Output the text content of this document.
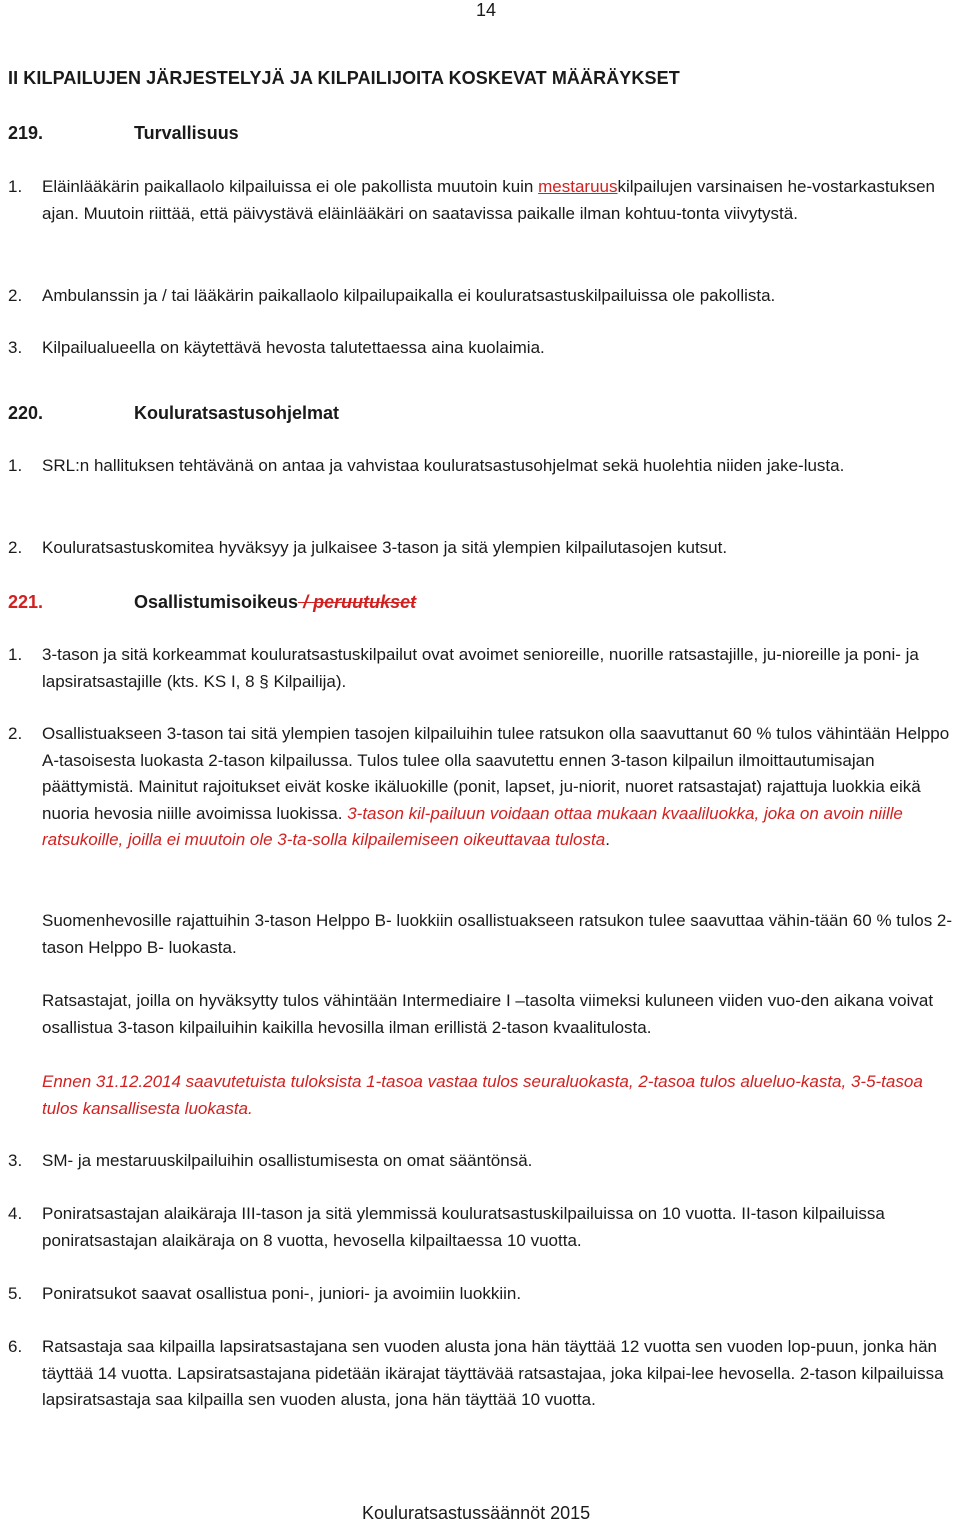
14
II KILPAILUJEN JÄRJESTELYJÄ JA KILPAILIJOITA KOSKEVAT MÄÄRÄYKSET
219.	Turvallisuus
1. Eläinlääkärin paikallaolo kilpailuissa ei ole pakollista muutoin kuin mestaruuskilpailujen varsinaisen he-vostarkastuksen ajan. Muutoin riittää, että päivystävä eläinlääkäri on saatavissa paikalle ilman kohtuu-tonta viivytystä.
2. Ambulanssin ja / tai lääkärin paikallaolo kilpailupaikalla ei kouluratsastuskilpailuissa ole pakollista.
3. Kilpailualueella on käytettävä hevosta talutettaessa aina kuolaimia.
220.	Kouluratsastusohjelmat
1. SRL:n hallituksen tehtävänä on antaa ja vahvistaa kouluratsastusohjelmat sekä huolehtia niiden jake-lusta.
2. Kouluratsastuskomitea hyväksyy ja julkaisee 3-tason ja sitä ylempien kilpailutasojen kutsut.
221.	Osallistumisoikeus / peruutukset
1. 3-tason ja sitä korkeammat kouluratsastuskilpailut ovat avoimet senioreille, nuorille ratsastajille, ju-nioreille ja poni- ja lapsiratsastajille (kts. KS I, 8 § Kilpailija).
2. Osallistuakseen 3-tason tai sitä ylempien tasojen kilpailuihin tulee ratsukon olla saavuttanut 60 % tulos vähintään Helppo A-tasoisesta luokasta 2-tason kilpailussa. Tulos tulee olla saavutettu ennen 3-tason kilpailun ilmoittautumisajan päättymistä. Mainitut rajoitukset eivät koske ikäluokille (ponit, lapset, ju-niorit, nuoret ratsastajat) rajattuja luokkia eikä nuoria hevosia niille avoimissa luokissa. 3-tason kil-pailuun voidaan ottaa mukaan kvaaliluokka, joka on avoin niille ratsukoille, joilla ei muutoin ole 3-ta-solla kilpailemiseen oikeuttavaa tulosta.
Suomenhevosille rajattuihin 3-tason Helppo B- luokkiin osallistuakseen ratsukon tulee saavuttaa vähin-tään 60 % tulos 2-tason Helppo B- luokasta.
Ratsastajat, joilla on hyväksytty tulos vähintään Intermediaire I –tasolta viimeksi kuluneen viiden vuo-den aikana voivat osallistua 3-tason kilpailuihin kaikilla hevosilla ilman erillistä 2-tason kvaalitulosta.
Ennen 31.12.2014 saavutetuista tuloksista 1-tasoa vastaa tulos seuraluokasta, 2-tasoa tulos alueluo-kasta, 3-5-tasoa tulos kansallisesta luokasta.
3. SM- ja mestaruuskilpailuihin osallistumisesta on omat sääntönsä.
4. Poniratsastajan alaikäraja III-tason ja sitä ylemmissä kouluratsastuskilpailuissa on 10 vuotta. II-tason kilpailuissa poniratsastajan alaikäraja on 8 vuotta, hevosella kilpailtaessa 10 vuotta.
5. Poniratsukot saavat osallistua poni-, juniori- ja avoimiin luokkiin.
6. Ratsastaja saa kilpailla lapsiratsastajana sen vuoden alusta jona hän täyttää 12 vuotta sen vuoden lop-puun, jonka hän täyttää 14 vuotta. Lapsiratsastajana pidetään ikärajat täyttävää ratsastajaa, joka kilpai-lee hevosella. 2-tason kilpailuissa lapsiratsastaja saa kilpailla sen vuoden alusta, jona hän täyttää 10 vuotta.
Kouluratsastussäännöt 2015
